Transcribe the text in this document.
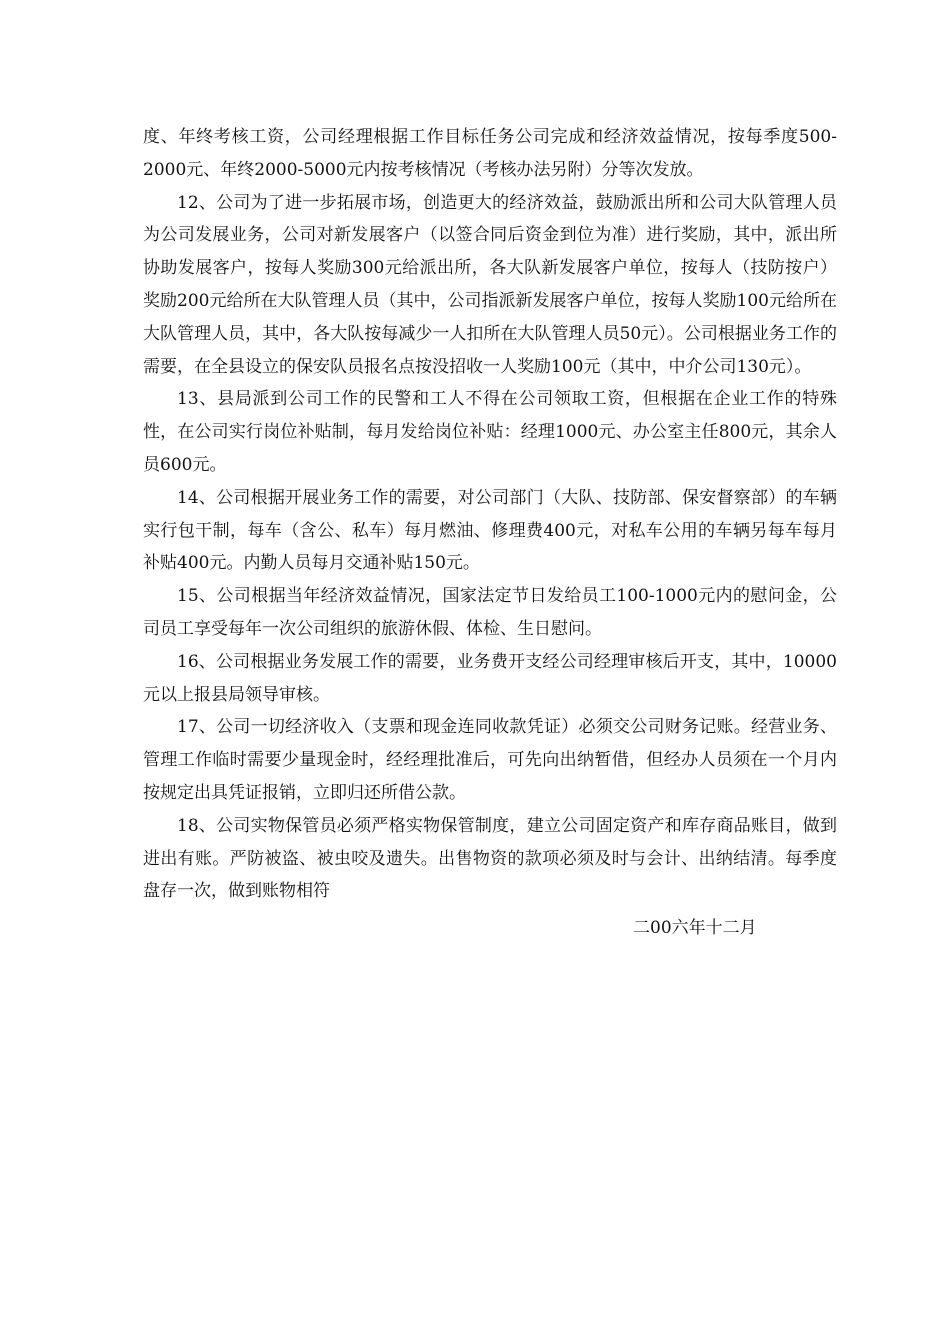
度、年终考核工资，公司经理根据工作目标任务公司完成和经济效益情况，按每季度500-2000元、年终2000-5000元内按考核情况（考核办法另附）分等次发放。

12、公司为了进一步拓展市场，创造更大的经济效益，鼓励派出所和公司大队管理人员为公司发展业务，公司对新发展客户（以签合同后资金到位为准）进行奖励，其中，派出所协助发展客户，按每人奖励300元给派出所，各大队新发展客户单位，按每人（技防按户）奖励200元给所在大队管理人员（其中，公司指派新发展客户单位，按每人奖励100元给所在大队管理人员，其中，各大队按每减少一人扣所在大队管理人员50元）。公司根据业务工作的需要，在全县设立的保安队员报名点按没招收一人奖励100元（其中，中介公司130元）。

13、县局派到公司工作的民警和工人不得在公司领取工资，但根据在企业工作的特殊性，在公司实行岗位补贴制，每月发给岗位补贴：经理1000元、办公室主任800元，其余人员600元。

14、公司根据开展业务工作的需要，对公司部门（大队、技防部、保安督察部）的车辆实行包干制，每车（含公、私车）每月燃油、修理费400元，对私车公用的车辆另每车每月补贴400元。内勤人员每月交通补贴150元。

15、公司根据当年经济效益情况，国家法定节日发给员工100-1000元内的慰问金，公司员工享受每年一次公司组织的旅游休假、体检、生日慰问。

16、公司根据业务发展工作的需要，业务费开支经公司经理审核后开支，其中，10000元以上报县局领导审核。

17、公司一切经济收入（支票和现金连同收款凭证）必须交公司财务记账。经营业务、管理工作临时需要少量现金时，经经理批准后，可先向出纳暂借，但经办人员须在一个月内按规定出具凭证报销，立即归还所借公款。

18、公司实物保管员必须严格实物保管制度，建立公司固定资产和库存商品账目，做到进出有账。严防被盗、被虫咬及遗失。出售物资的款项必须及时与会计、出纳结清。每季度盘存一次，做到账物相符

二00六年十二月
